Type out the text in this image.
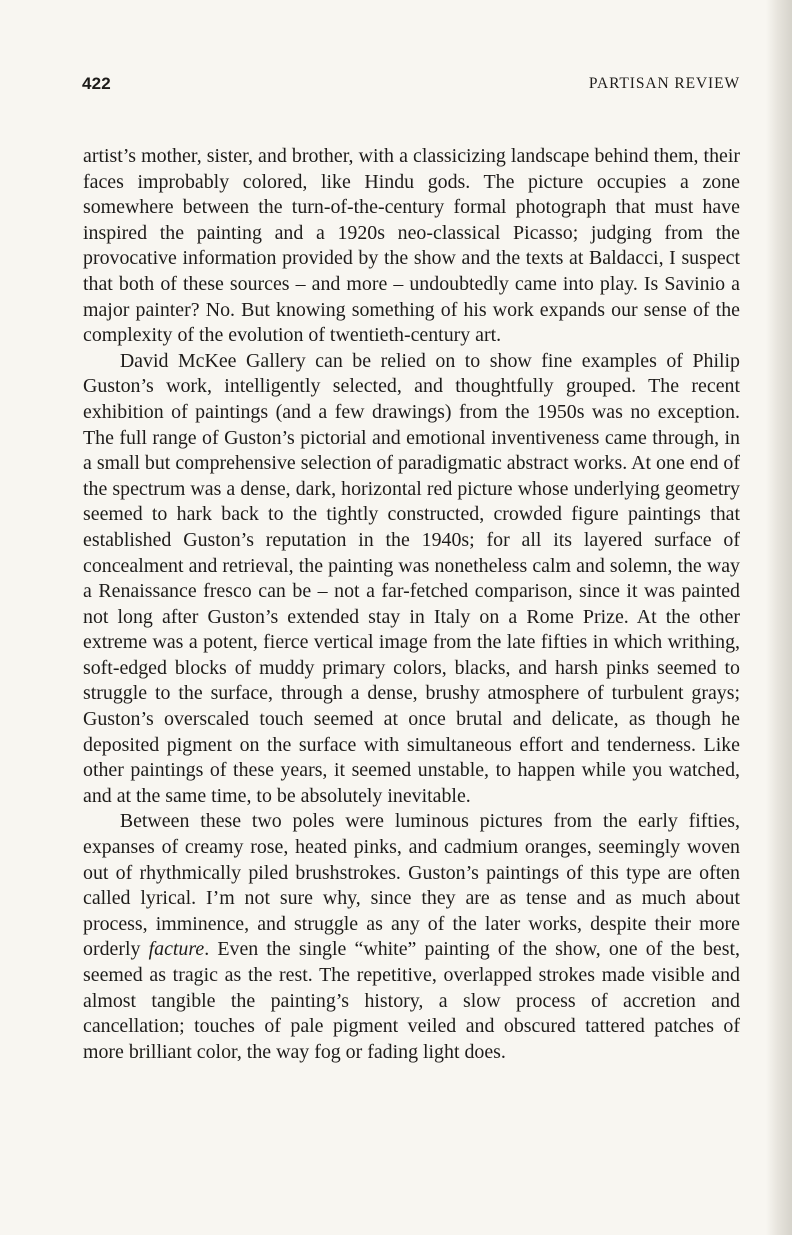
422	PARTISAN REVIEW

artist’s mother, sister, and brother, with a classicizing landscape behind them, their faces improbably colored, like Hindu gods. The picture occupies a zone somewhere between the turn-of-the-century formal photograph that must have inspired the painting and a 1920s neo-classical Picasso; judging from the provocative information provided by the show and the texts at Baldacci, I suspect that both of these sources – and more – undoubtedly came into play. Is Savinio a major painter? No. But knowing something of his work expands our sense of the complexity of the evolution of twentieth-century art.

David McKee Gallery can be relied on to show fine examples of Philip Guston’s work, intelligently selected, and thoughtfully grouped. The recent exhibition of paintings (and a few drawings) from the 1950s was no exception. The full range of Guston’s pictorial and emotional inventiveness came through, in a small but comprehensive selection of paradigmatic abstract works. At one end of the spectrum was a dense, dark, horizontal red picture whose underlying geometry seemed to hark back to the tightly constructed, crowded figure paintings that established Guston’s reputation in the 1940s; for all its layered surface of concealment and retrieval, the painting was nonetheless calm and solemn, the way a Renaissance fresco can be – not a far-fetched comparison, since it was painted not long after Guston’s extended stay in Italy on a Rome Prize. At the other extreme was a potent, fierce vertical image from the late fifties in which writhing, soft-edged blocks of muddy primary colors, blacks, and harsh pinks seemed to struggle to the surface, through a dense, brushy atmosphere of turbulent grays; Guston’s overscaled touch seemed at once brutal and delicate, as though he deposited pigment on the surface with simultaneous effort and tenderness. Like other paintings of these years, it seemed unstable, to happen while you watched, and at the same time, to be absolutely inevitable.

Between these two poles were luminous pictures from the early fifties, expanses of creamy rose, heated pinks, and cadmium oranges, seemingly woven out of rhythmically piled brushstrokes. Guston’s paintings of this type are often called lyrical. I’m not sure why, since they are as tense and as much about process, imminence, and struggle as any of the later works, despite their more orderly facture. Even the single “white” painting of the show, one of the best, seemed as tragic as the rest. The repetitive, overlapped strokes made visible and almost tangible the painting’s history, a slow process of accretion and cancellation; touches of pale pigment veiled and obscured tattered patches of more brilliant color, the way fog or fading light does.
